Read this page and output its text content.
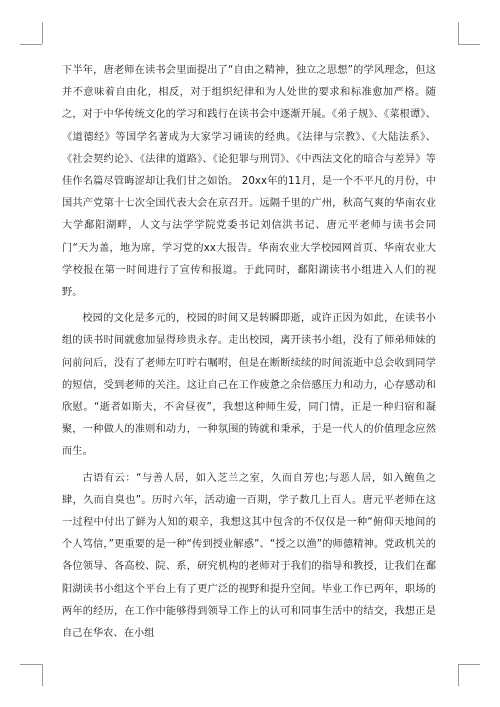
下半年，唐老师在读书会里面提出了“自由之精神，独立之思想”的学风理念，但这并不意味着自由化，相反，对于组织纪律和为人处世的要求和标准愈加严格。随之，对于中华传统文化的学习和践行在读书会中逐渐开展。《弟子规》、《菜根谭》、《道德经》等国学名著成为大家学习诵读的经典。《法律与宗教》、《大陆法系》、《社会契约论》、《法律的道路》、《论犯罪与刑罚》、《中西法文化的暗合与差异》等佳作名篇尽管晦涩却让我们甘之如饴。 20xx年的11月，是一个不平凡的月份，中国共产党第十七次全国代表大会在京召开。远隔千里的广州，秋高气爽的华南农业大学鄱阳湖畔，人文与法学学院党委书记刘信洪书记、唐元平老师与读书会同门“天为盖，地为席，学习党的xx大报告。华南农业大学校园网首页、华南农业大学校报在第一时间进行了宣传和报道。于此同时，鄱阳湖读书小组进入人们的视野。

校园的文化是多元的，校园的时间又是转瞬即逝，或许正因为如此，在读书小组的读书时间就愈加显得珍贵永存。走出校园，离开读书小组，没有了师弟师妹的问前问后，没有了老师左叮咛右嘱咐，但是在断断续续的时间流逝中总会收到同学的短信，受到老师的关注。这让自己在工作疲惫之余倍感压力和动力，心存感动和欣慰。“逝者如斯夫，不舍昼夜”，我想这种师生爱，同门情，正是一种归宿和凝聚，一种做人的准则和动力，一种氛围的铸就和秉承，于是一代人的价值理念应然而生。

古语有云：“与善人居，如入芝兰之室，久而自芳也;与恶人居，如入鲍鱼之肆，久而自臭也”。历时六年，活动逾一百期，学子数几上百人。唐元平老师在这一过程中付出了鲜为人知的艰辛，我想这其中包含的不仅仅是一种“俯仰天地间的个人笃信，”更重要的是一种“传到授业解惑”、“授之以渔”的师德精神。党政机关的各位领导、各高校、院、系，研究机构的老师对于我们的指导和教授，让我们在鄱阳湖读书小组这个平台上有了更广泛的视野和提升空间。毕业工作已两年，职场的两年的经历，在工作中能够得到领导工作上的认可和同事生活中的结交，我想正是自己在华农、在小组
